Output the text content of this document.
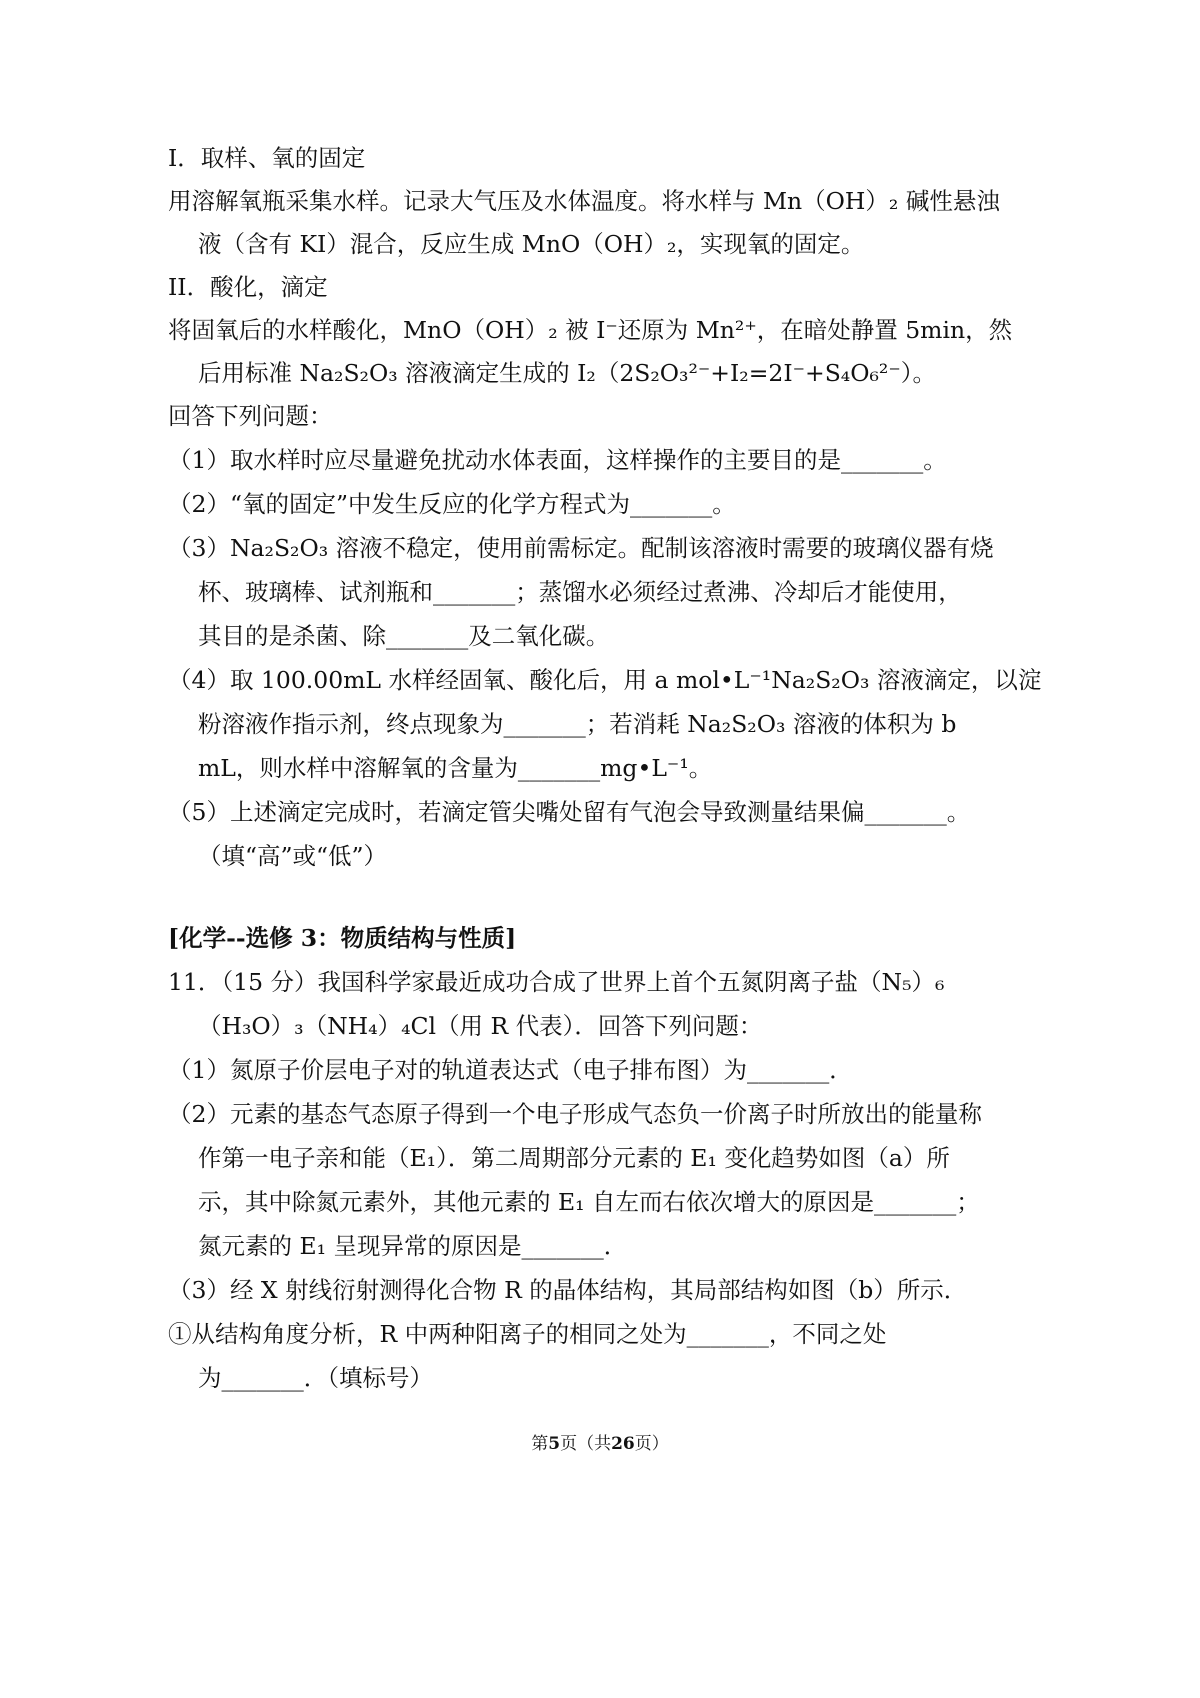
I．取样、氧的固定
用溶解氧瓶采集水样。记录大气压及水体温度。将水样与 Mn（OH）₂ 碱性悬浊
液（含有 KI）混合，反应生成 MnO（OH）₂，实现氧的固定。
II．酸化，滴定
将固氧后的水样酸化，MnO（OH）₂ 被 I⁻还原为 Mn²⁺，在暗处静置 5min，然
后用标准 Na₂S₂O₃ 溶液滴定生成的 I₂（2S₂O₃²⁻+I₂=2I⁻+S₄O₆²⁻）。
回答下列问题：
（1）取水样时应尽量避免扰动水体表面，这样操作的主要目的是_______。
（2）“氧的固定”中发生反应的化学方程式为_______。
（3）Na₂S₂O₃ 溶液不稳定，使用前需标定。配制该溶液时需要的玻璃仪器有烧
杯、玻璃棒、试剂瓶和_______；蒸馏水必须经过煮沸、冷却后才能使用，
其目的是杀菌、除_______及二氧化碳。
（4）取 100.00mL 水样经固氧、酸化后，用 a mol•L⁻¹Na₂S₂O₃ 溶液滴定，以淀
粉溶液作指示剂，终点现象为_______；若消耗 Na₂S₂O₃ 溶液的体积为 b
mL，则水样中溶解氧的含量为_______mg•L⁻¹。
（5）上述滴定完成时，若滴定管尖嘴处留有气泡会导致测量结果偏_______。
（填“高”或“低”）
[化学--选修 3：物质结构与性质]
11．（15 分）我国科学家最近成功合成了世界上首个五氮阴离子盐（N₅）₆
（H₃O）₃（NH₄）₄Cl（用 R 代表）．回答下列问题：
（1）氮原子价层电子对的轨道表达式（电子排布图）为_______．
（2）元素的基态气态原子得到一个电子形成气态负一价离子时所放出的能量称
作第一电子亲和能（E₁）．第二周期部分元素的 E₁ 变化趋势如图（a）所
示，其中除氮元素外，其他元素的 E₁ 自左而右依次增大的原因是_______；
氮元素的 E₁ 呈现异常的原因是_______．
（3）经 X 射线衍射测得化合物 R 的晶体结构，其局部结构如图（b）所示．
①从结构角度分析，R 中两种阳离子的相同之处为_______，不同之处
为_______．（填标号）
第5页（共26页）
